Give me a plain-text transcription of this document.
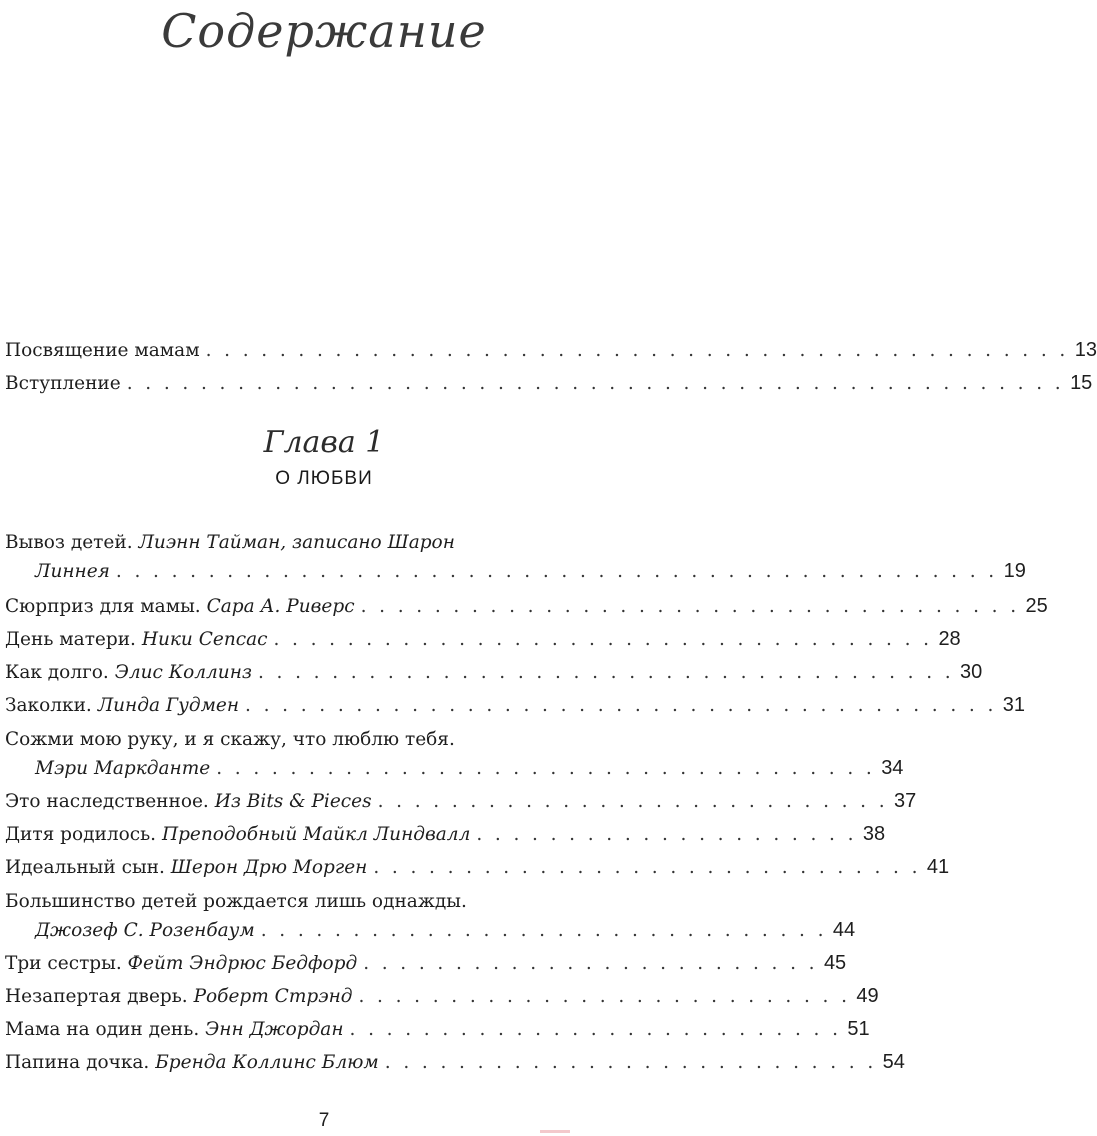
Содержание
Посвящение мамам . . . . . . . . . . . . . . . . . . . . . . . . . . . . . . . . . . . . . . . . . . . . . . . 13
Вступление . . . . . . . . . . . . . . . . . . . . . . . . . . . . . . . . . . . . . . . . . . . . . . . . . . . 15
Глава 1
О ЛЮБВИ
Вывоз детей. Лиэнн Тайман, записано Шарон
Линнея . . . . . . . . . . . . . . . . . . . . . . . . . . . . . . . . . . . . . . . . . . . . . . . . 19
Сюрприз для мамы. Сара А. Риверс . . . . . . . . . . . . . . . . . . . . . . . . . . . . . . . . . . . . 25
День матери. Ники Сепсас . . . . . . . . . . . . . . . . . . . . . . . . . . . . . . . . . . . . 28
Как долго. Элис Коллинз . . . . . . . . . . . . . . . . . . . . . . . . . . . . . . . . . . . . . . 30
Заколки. Линда Гудмен . . . . . . . . . . . . . . . . . . . . . . . . . . . . . . . . . . . . . . . . . 31
Сожми мою руку, и я скажу, что люблю тебя.
Мэри Маркданте . . . . . . . . . . . . . . . . . . . . . . . . . . . . . . . . . . . . 34
Это наследственное. Из Bits & Pieces . . . . . . . . . . . . . . . . . . . . . . . . . . . . 37
Дитя родилось. Преподобный Майкл Линдвалл . . . . . . . . . . . . . . . . . . . . . 38
Идеальный сын. Шерон Дрю Морген . . . . . . . . . . . . . . . . . . . . . . . . . . . . . . 41
Большинство детей рождается лишь однажды.
Джозеф С. Розенбаум . . . . . . . . . . . . . . . . . . . . . . . . . . . . . . . 44
Три сестры. Фейт Эндрюс Бедфорд . . . . . . . . . . . . . . . . . . . . . . . . . 45
Незапертая дверь. Роберт Стрэнд . . . . . . . . . . . . . . . . . . . . . . . . . . . 49
Мама на один день. Энн Джордан . . . . . . . . . . . . . . . . . . . . . . . . . . . 51
Папина дочка. Бренда Коллинс Блюм . . . . . . . . . . . . . . . . . . . . . . . . . . . 54
7
